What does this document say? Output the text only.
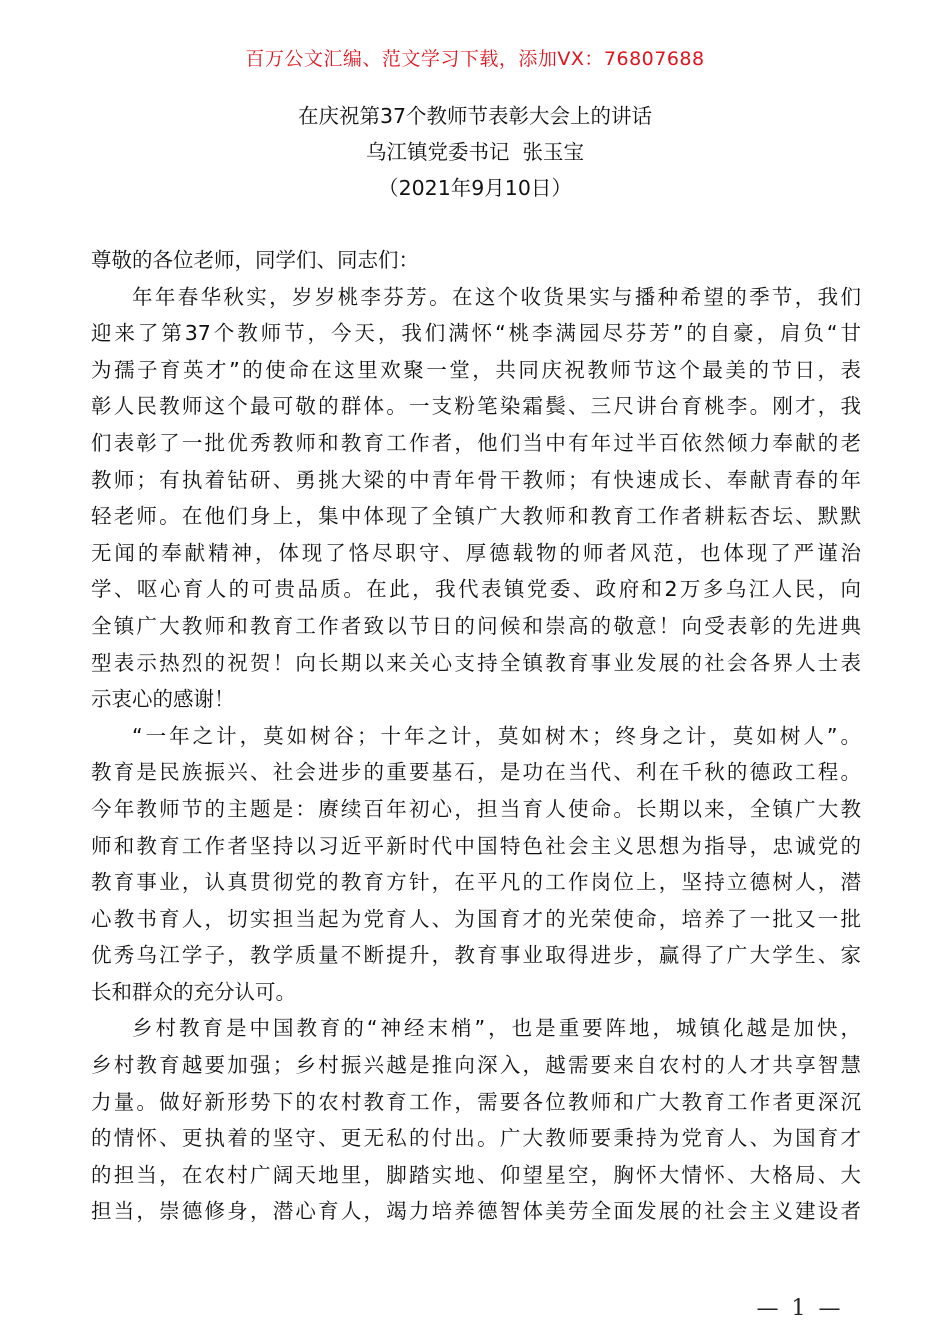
百万公文汇编、范文学习下载，添加VX：76807688
在庆祝第37个教师节表彰大会上的讲话
乌江镇党委书记  张玉宝
（2021年9月10日）
尊敬的各位老师，同学们、同志们：
年年春华秋实，岁岁桃李芬芳。在这个收货果实与播种希望的季节，我们
迎来了第37个教师节，今天，我们满怀“桃李满园尽芬芳”的自豪，肩负“甘
为孺子育英才”的使命在这里欢聚一堂，共同庆祝教师节这个最美的节日，表
彰人民教师这个最可敬的群体。一支粉笔染霜鬓、三尺讲台育桃李。刚才，我
们表彰了一批优秀教师和教育工作者，他们当中有年过半百依然倾力奉献的老
教师；有执着钻研、勇挑大梁的中青年骨干教师；有快速成长、奉献青春的年
轻老师。在他们身上，集中体现了全镇广大教师和教育工作者耕耘杏坛、默默
无闻的奉献精神，体现了恪尽职守、厚德载物的师者风范，也体现了严谨治
学、呕心育人的可贵品质。在此，我代表镇党委、政府和2万多乌江人民，向
全镇广大教师和教育工作者致以节日的问候和崇高的敬意！向受表彰的先进典
型表示热烈的祝贺！向长期以来关心支持全镇教育事业发展的社会各界人士表
示衷心的感谢！
“一年之计，莫如树谷；十年之计，莫如树木；终身之计，莫如树人”。
教育是民族振兴、社会进步的重要基石，是功在当代、利在千秋的德政工程。
今年教师节的主题是：赓续百年初心，担当育人使命。长期以来，全镇广大教
师和教育工作者坚持以习近平新时代中国特色社会主义思想为指导，忠诚党的
教育事业，认真贯彻党的教育方针，在平凡的工作岗位上，坚持立德树人，潜
心教书育人，切实担当起为党育人、为国育才的光荣使命，培养了一批又一批
优秀乌江学子，教学质量不断提升，教育事业取得进步，赢得了广大学生、家
长和群众的充分认可。
乡村教育是中国教育的“神经末梢”，也是重要阵地，城镇化越是加快，
乡村教育越要加强；乡村振兴越是推向深入，越需要来自农村的人才共享智慧
力量。做好新形势下的农村教育工作，需要各位教师和广大教育工作者更深沉
的情怀、更执着的坚守、更无私的付出。广大教师要秉持为党育人、为国育才
的担当，在农村广阔天地里，脚踏实地、仰望星空，胸怀大情怀、大格局、大
担当，崇德修身，潜心育人，竭力培养德智体美劳全面发展的社会主义建设者
— 1 —
